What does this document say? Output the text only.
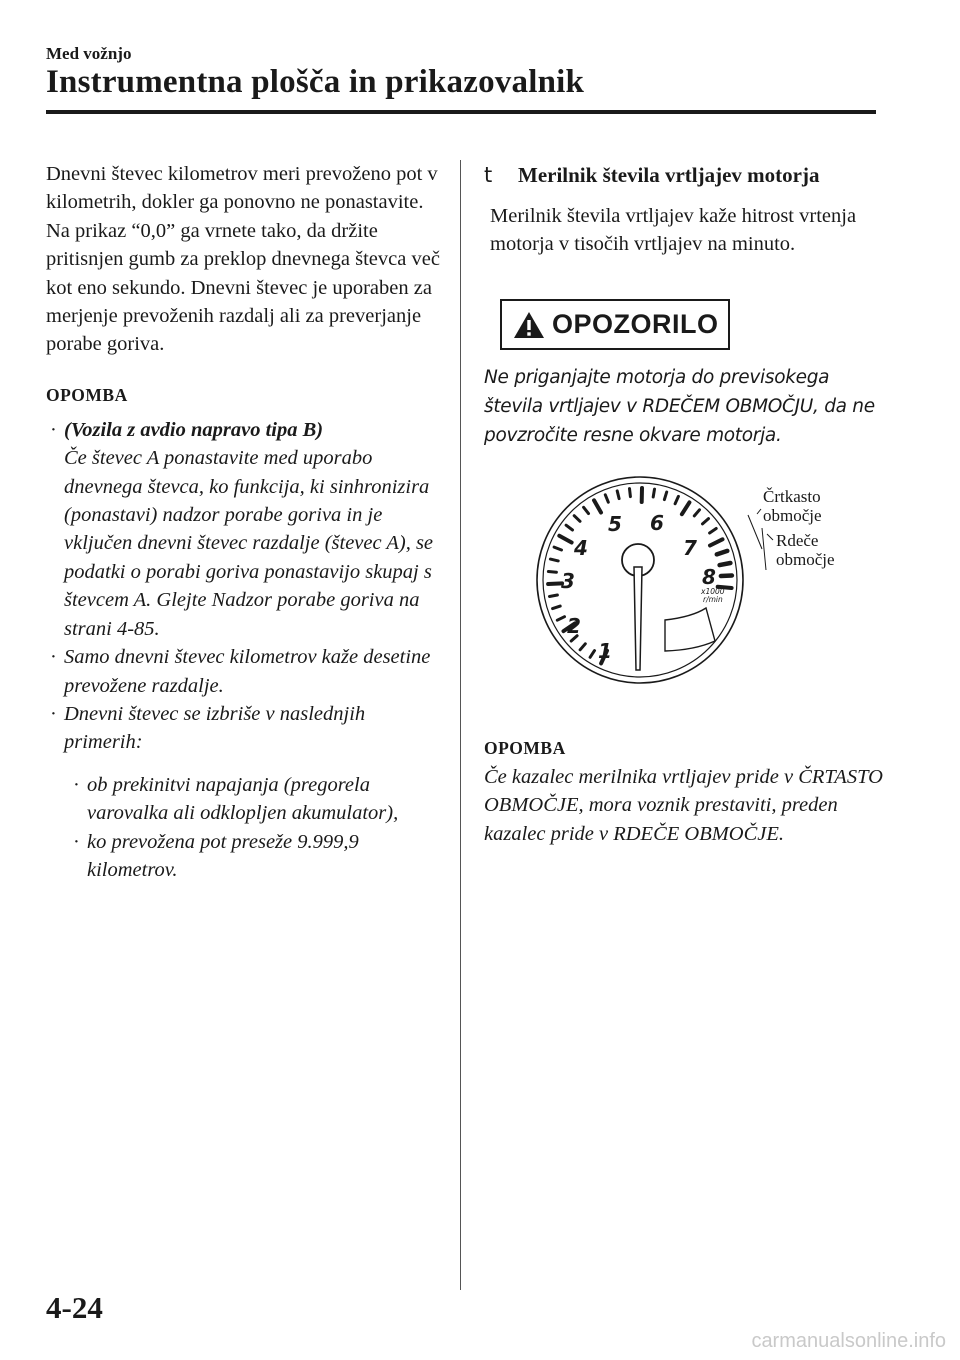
Med vožnjo
Instrumentna plošča in prikazovalnik

Dnevni števec kilometrov meri prevoženo pot v kilometrih, dokler ga ponovno ne ponastavite. Na prikaz “0,0” ga vrnete tako, da držite pritisnjen gumb za preklop dnevnega števca več kot eno sekundo. Dnevni števec je uporaben za merjenje prevoženih razdalj ali za preverjanje porabe goriva.

OPOMBA

· (Vozila z avdio napravo tipa B)
Če števec A ponastavite med uporabo dnevnega števca, ko funkcija, ki sinhronizira (ponastavi) nadzor porabe goriva in je vključen dnevni števec razdalje (števec A), se podatki o porabi goriva ponastavijo skupaj s števcem A. Glejte Nadzor porabe goriva na strani 4-85.

· Samo dnevni števec kilometrov kaže desetine prevožene razdalje.

· Dnevni števec se izbriše v naslednjih primerih:

· ob prekinitvi napajanja (pregorela varovalka ali odklopljen akumulator),

· ko prevožena pot preseže 9.999,9 kilometrov.

t Merilnik števila vrtljajev motorja

Merilnik števila vrtljajev kaže hitrost vrtenja motorja v tisočih vrtljajev na minuto.

OPOZORILO

Ne priganjajte motorja do previsokega števila vrtljajev v RDEČEM OBMOČJU, da ne povzročite resne okvare motorja.

1
2
3
4
5 6
7
8
x1000
r/min
Črtkasto
območje
Rdeče
območje
OPOMBA

Če kazalec merilnika vrtljajev pride v ČRTASTO OBMOČJE, mora voznik prestaviti, preden kazalec pride v RDEČE OBMOČJE.

4-24
carmanualsonline.info
